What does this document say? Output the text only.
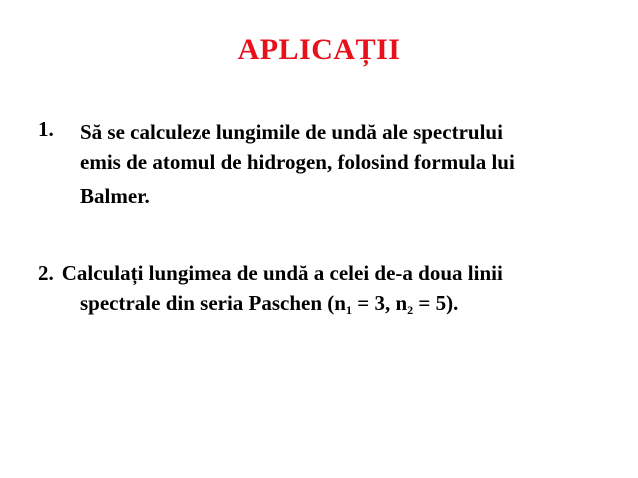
APLICAȚII
1. Să se calculeze lungimile de undă ale spectrului
emis de atomul de hidrogen, folosind formula lui
Balmer.
2. Calculați lungimea de undă a celei de-a doua linii
spectrale din seria Paschen ($n_1 = 3$, $n_2 = 5$).
